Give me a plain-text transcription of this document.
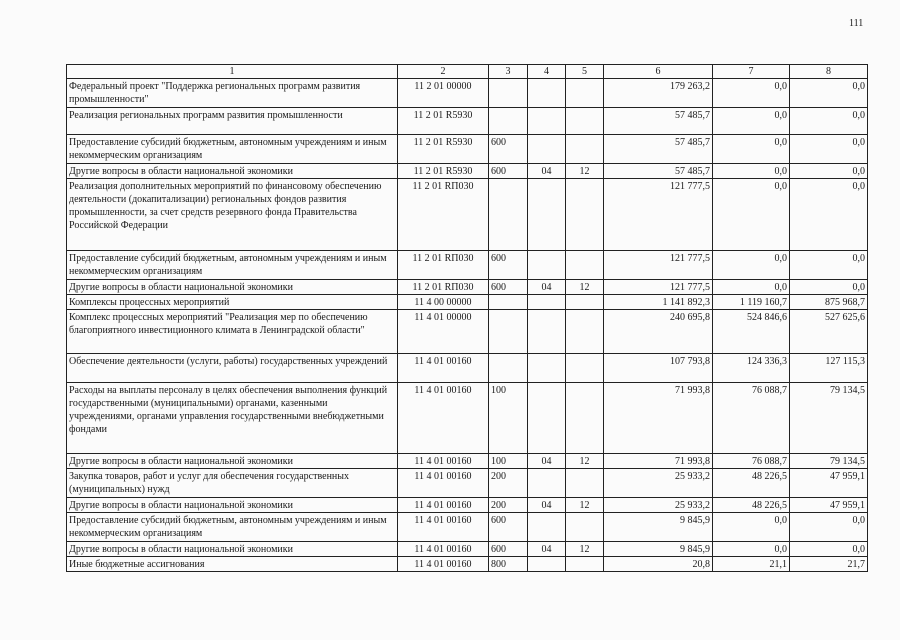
111
1	2	3	4	5	6	7	8
Федеральный проект "Поддержка региональных программ развития промышленности"	11 2 01 00000				179 263,2	0,0	0,0
Реализация региональных программ развития промышленности	11 2 01 R5930				57 485,7	0,0	0,0
Предоставление субсидий бюджетным, автономным учреждениям и иным некоммерческим организациям	11 2 01 R5930	600			57 485,7	0,0	0,0
Другие вопросы в области национальной экономики	11 2 01 R5930	600	04	12	57 485,7	0,0	0,0
Реализация дополнительных мероприятий по финансовому обеспечению деятельности (докапитализации) региональных фондов развития промышленности, за счет средств резервного фонда Правительства Российской Федерации	11 2 01 RП030				121 777,5	0,0	0,0
Предоставление субсидий бюджетным, автономным учреждениям и иным некоммерческим организациям	11 2 01 RП030	600			121 777,5	0,0	0,0
Другие вопросы в области национальной экономики	11 2 01 RП030	600	04	12	121 777,5	0,0	0,0
Комплексы процессных мероприятий	11 4 00 00000				1 141 892,3	1 119 160,7	875 968,7
Комплекс процессных мероприятий "Реализация мер по обеспечению благоприятного инвестиционного климата в Ленинградской области"	11 4 01 00000				240 695,8	524 846,6	527 625,6
Обеспечение деятельности (услуги, работы) государственных учреждений	11 4 01 00160				107 793,8	124 336,3	127 115,3
Расходы на выплаты персоналу в целях обеспечения выполнения функций государственными (муниципальными) органами, казенными учреждениями, органами управления государственными внебюджетными фондами	11 4 01 00160	100			71 993,8	76 088,7	79 134,5
Другие вопросы в области национальной экономики	11 4 01 00160	100	04	12	71 993,8	76 088,7	79 134,5
Закупка товаров, работ и услуг для обеспечения государственных (муниципальных) нужд	11 4 01 00160	200			25 933,2	48 226,5	47 959,1
Другие вопросы в области национальной экономики	11 4 01 00160	200	04	12	25 933,2	48 226,5	47 959,1
Предоставление субсидий бюджетным, автономным учреждениям и иным некоммерческим организациям	11 4 01 00160	600			9 845,9	0,0	0,0
Другие вопросы в области национальной экономики	11 4 01 00160	600	04	12	9 845,9	0,0	0,0
Иные бюджетные ассигнования	11 4 01 00160	800			20,8	21,1	21,7
